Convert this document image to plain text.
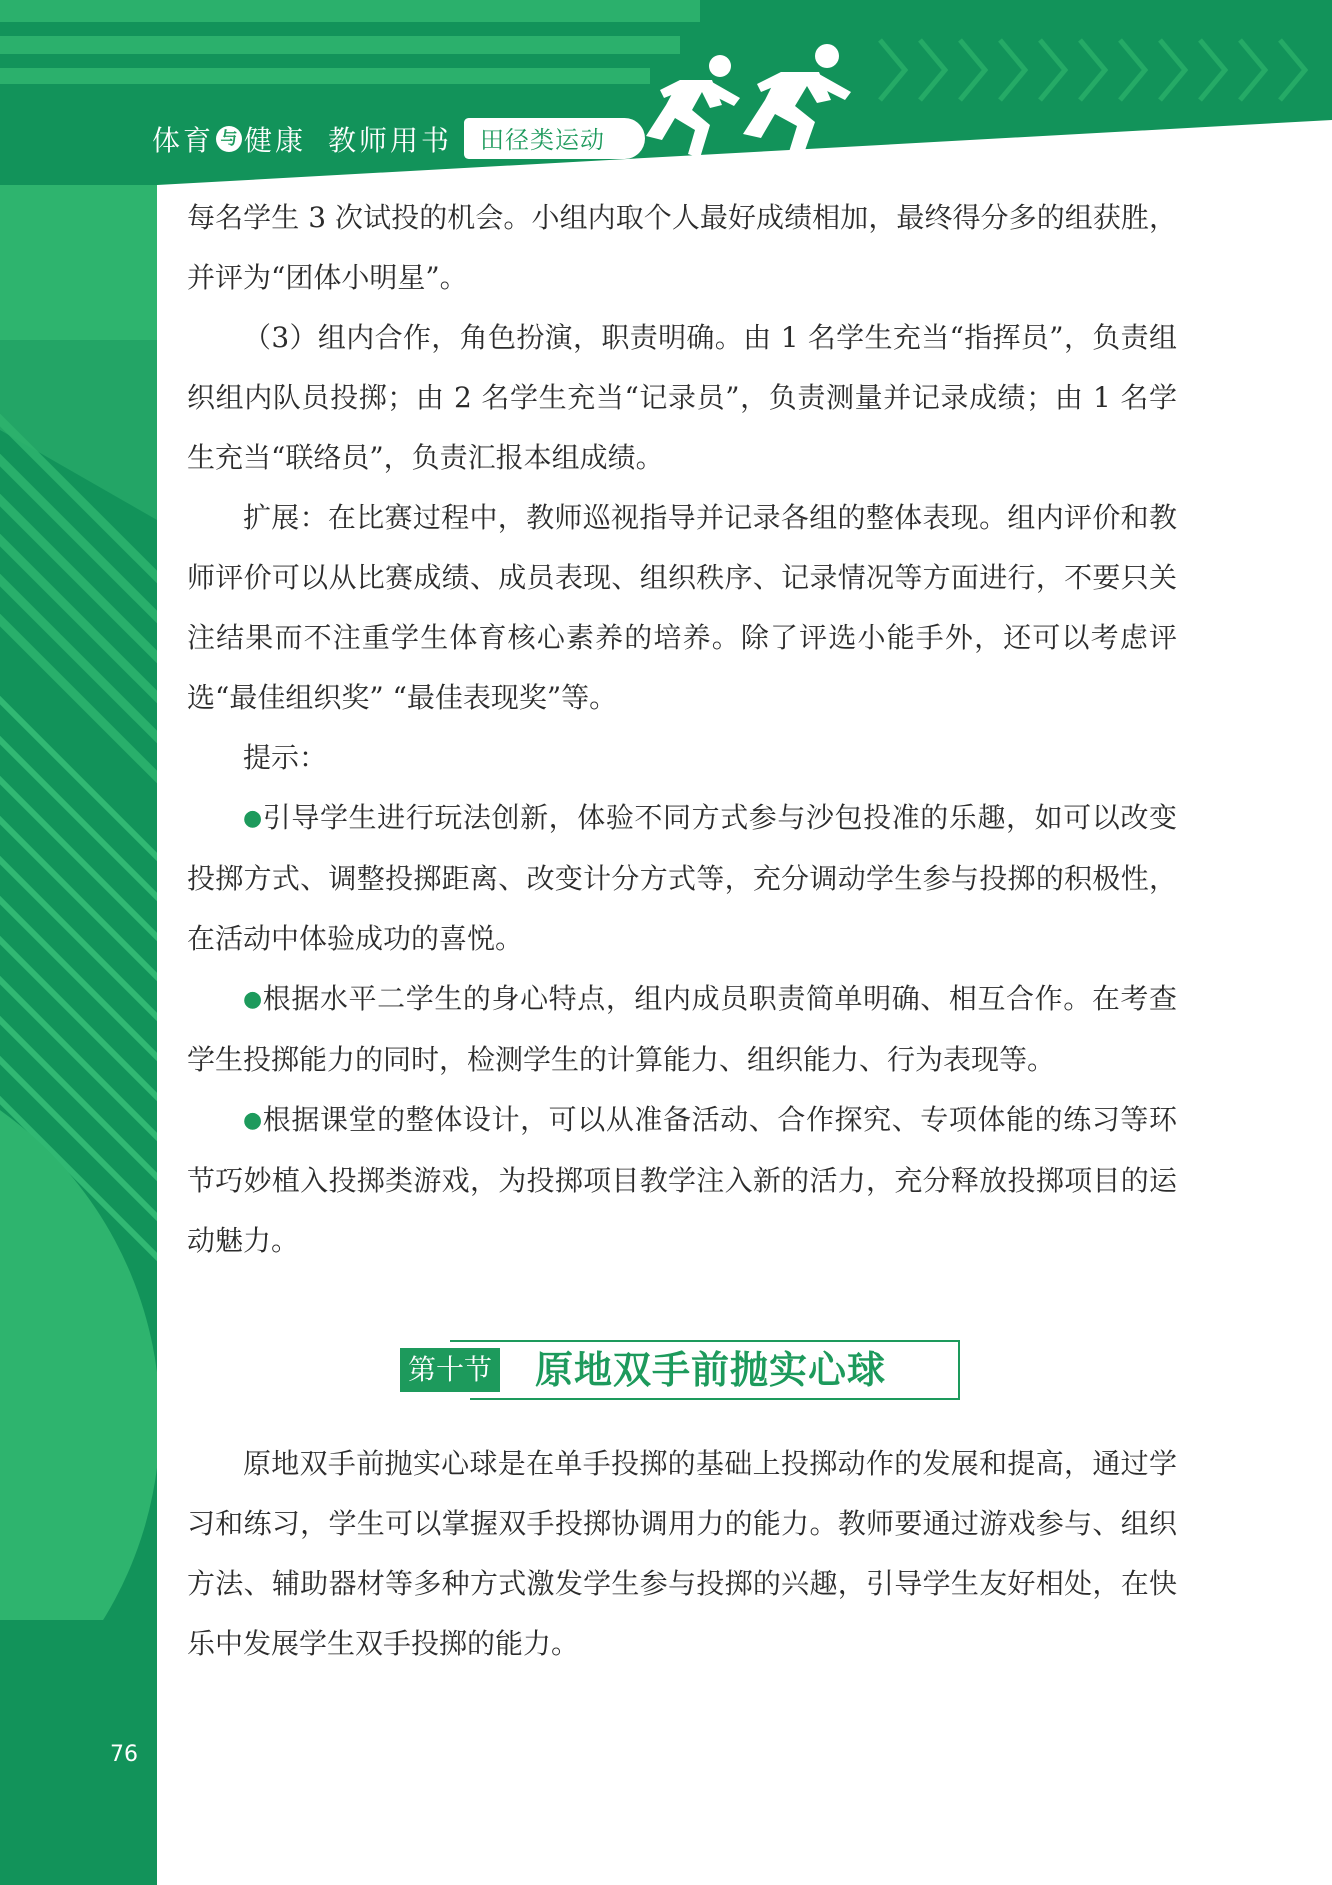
体育 与 健康 教师用书 田径类运动

每名学生 3 次试投的机会。小组内取个人最好成绩相加，最终得分多的组获胜，并评为“团体小明星”。

（3）组内合作，角色扮演，职责明确。由 1 名学生充当“指挥员”，负责组织组内队员投掷；由 2 名学生充当“记录员”，负责测量并记录成绩；由 1 名学生充当“联络员”，负责汇报本组成绩。

扩展：在比赛过程中，教师巡视指导并记录各组的整体表现。组内评价和教师评价可以从比赛成绩、成员表现、组织秩序、记录情况等方面进行，不要只关注结果而不注重学生体育核心素养的培养。除了评选小能手外，还可以考虑评选“最佳组织奖” “最佳表现奖”等。

提示：

●引导学生进行玩法创新，体验不同方式参与沙包投准的乐趣，如可以改变投掷方式、调整投掷距离、改变计分方式等，充分调动学生参与投掷的积极性，在活动中体验成功的喜悦。

●根据水平二学生的身心特点，组内成员职责简单明确、相互合作。在考查学生投掷能力的同时，检测学生的计算能力、组织能力、行为表现等。

●根据课堂的整体设计，可以从准备活动、合作探究、专项体能的练习等环节巧妙植入投掷类游戏，为投掷项目教学注入新的活力，充分释放投掷项目的运动魅力。

第十节 原地双手前抛实心球

原地双手前抛实心球是在单手投掷的基础上投掷动作的发展和提高，通过学习和练习，学生可以掌握双手投掷协调用力的能力。教师要通过游戏参与、组织方法、辅助器材等多种方式激发学生参与投掷的兴趣，引导学生友好相处，在快乐中发展学生双手投掷的能力。

76
